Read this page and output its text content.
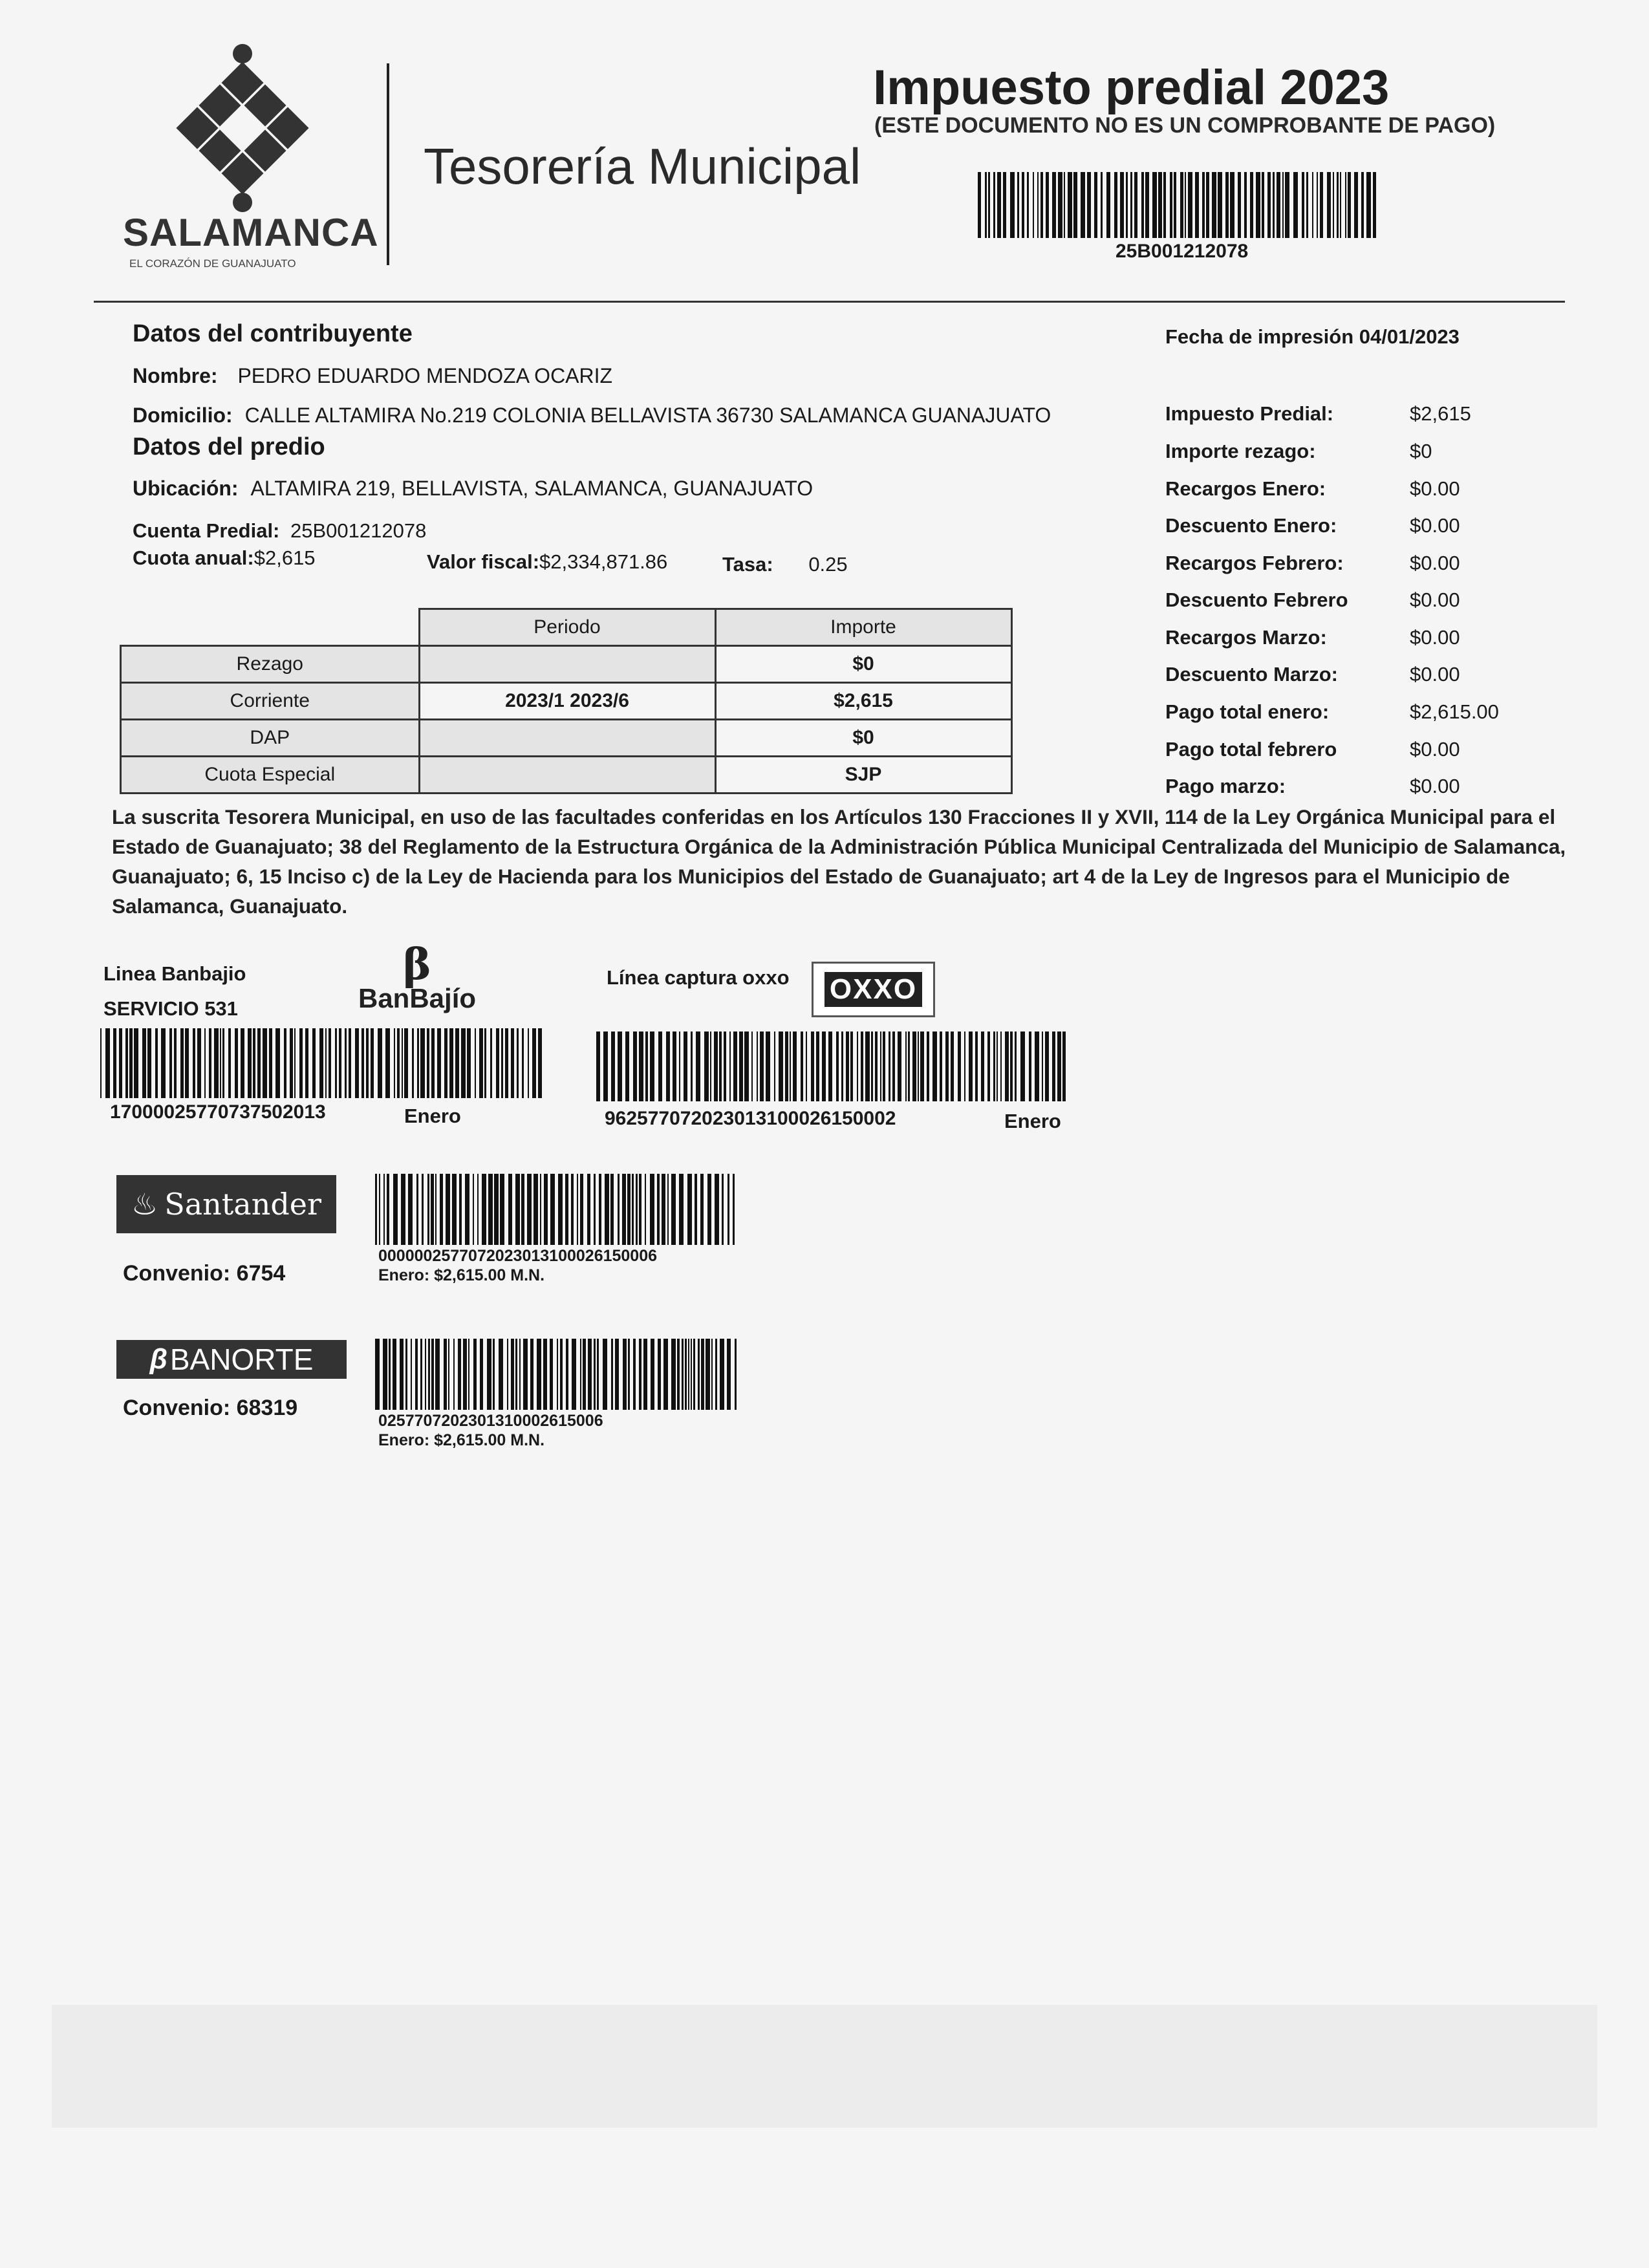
SALAMANCA
EL CORAZÓN DE GUANAJUATO
Tesorería Municipal
Impuesto predial 2023
(ESTE DOCUMENTO NO ES UN COMPROBANTE DE PAGO)
25B001212078
Datos del contribuyente
Nombre: PEDRO EDUARDO MENDOZA OCARIZ
Domicilio: CALLE ALTAMIRA No.219 COLONIA BELLAVISTA 36730 SALAMANCA GUANAJUATO
Datos del predio
Ubicación: ALTAMIRA 219, BELLAVISTA, SALAMANCA, GUANAJUATO
Cuenta Predial: 25B001212078
Cuota anual:$2,615	Valor fiscal:$2,334,871.86	Tasa: 0.25
	Periodo	Importe
Rezago		$0
Corriente	2023/1 2023/6	$2,615
DAP		$0
Cuota Especial		SJP
Fecha de impresión 04/01/2023
Impuesto Predial:	$2,615
Importe rezago:	$0
Recargos Enero:	$0.00
Descuento Enero:	$0.00
Recargos Febrero:	$0.00
Descuento Febrero	$0.00
Recargos Marzo:	$0.00
Descuento Marzo:	$0.00
Pago total enero:	$2,615.00
Pago total febrero	$0.00
Pago marzo:	$0.00
La suscrita Tesorera Municipal, en uso de las facultades conferidas en los Artículos 130 Fracciones II y XVII, 114 de la Ley Orgánica Municipal para el Estado de Guanajuato; 38 del Reglamento de la Estructura Orgánica de la Administración Pública Municipal Centralizada del Municipio de Salamanca, Guanajuato; 6, 15 Inciso c) de la Ley de Hacienda para los Municipios del Estado de Guanajuato; art 4 de la Ley de Ingresos para el Municipio de Salamanca, Guanajuato.
Linea Banbajio
SERVICIO 531
β
BanBajío
17000025770737502013	Enero
Línea captura oxxo OXXO
962577072023013100026150002	Enero
♨ Santander
Convenio: 6754
0000002577072023013100026150006
Enero: $2,615.00 M.N.
β BANORTE
Convenio: 68319
025770720230131000261500​6
Enero: $2,615.00 M.N.
